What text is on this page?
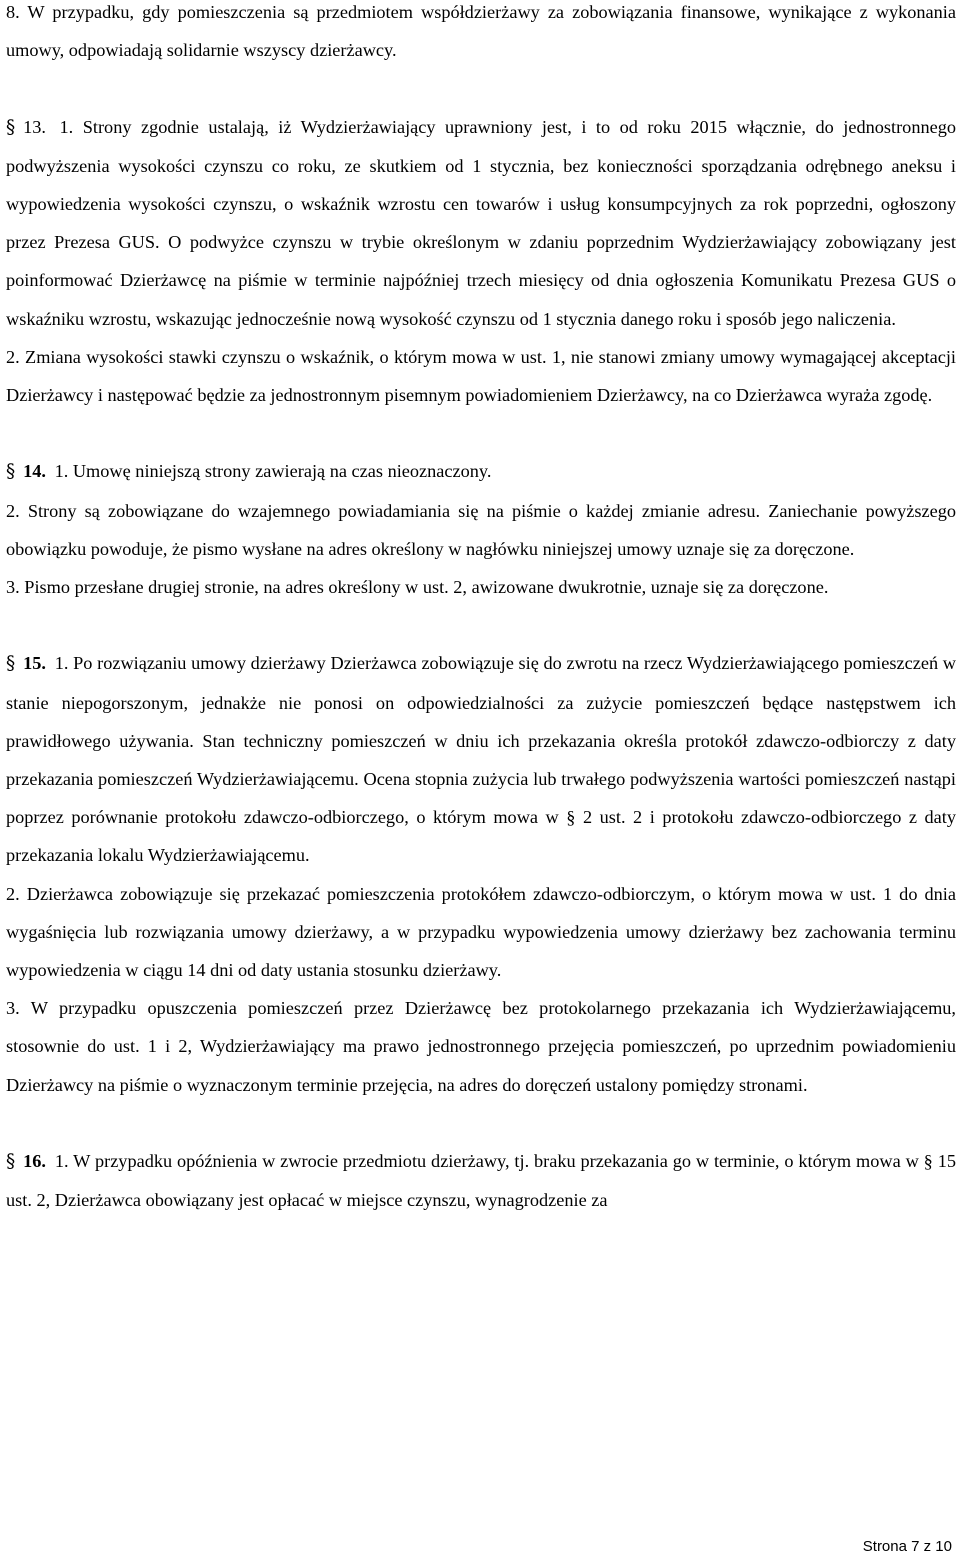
8. W przypadku, gdy pomieszczenia są przedmiotem współdzierżawy za zobowiązania finansowe, wynikające z wykonania umowy, odpowiadają solidarnie wszyscy dzierżawcy.

§ 13. 1. Strony zgodnie ustalają, iż Wydzierżawiający uprawniony jest, i to od roku 2015 włącznie, do jednostronnego podwyższenia wysokości czynszu co roku, ze skutkiem od 1 stycznia, bez konieczności sporządzania odrębnego aneksu i wypowiedzenia wysokości czynszu, o wskaźnik wzrostu cen towarów i usług konsumpcyjnych za rok poprzedni, ogłoszony przez Prezesa GUS. O podwyżce czynszu w trybie określonym w zdaniu poprzednim Wydzierżawiający zobowiązany jest poinformować Dzierżawcę na piśmie w terminie najpóźniej trzech miesięcy od dnia ogłoszenia Komunikatu Prezesa GUS o wskaźniku wzrostu, wskazując jednocześnie nową wysokość czynszu od 1 stycznia danego roku i sposób jego naliczenia.

2. Zmiana wysokości stawki czynszu o wskaźnik, o którym mowa w ust. 1, nie stanowi zmiany umowy wymagającej akceptacji Dzierżawcy i następować będzie za jednostronnym pisemnym powiadomieniem Dzierżawcy, na co Dzierżawca wyraża zgodę.

§ 14. 1. Umowę niniejszą strony zawierają na czas nieoznaczony.

2. Strony są zobowiązane do wzajemnego powiadamiania się na piśmie o każdej zmianie adresu. Zaniechanie powyższego obowiązku powoduje, że pismo wysłane na adres określony w nagłówku niniejszej umowy uznaje się za doręczone.

3. Pismo przesłane drugiej stronie, na adres określony w ust. 2, awizowane dwukrotnie, uznaje się za doręczone.

§ 15. 1. Po rozwiązaniu umowy dzierżawy Dzierżawca zobowiązuje się do zwrotu na rzecz Wydzierżawiającego pomieszczeń w stanie niepogorszonym, jednakże nie ponosi on odpowiedzialności za zużycie pomieszczeń będące następstwem ich prawidłowego używania. Stan techniczny pomieszczeń w dniu ich przekazania określa protokół zdawczo-odbiorczy z daty przekazania pomieszczeń Wydzierżawiającemu. Ocena stopnia zużycia lub trwałego podwyższenia wartości pomieszczeń nastąpi poprzez porównanie protokołu zdawczo-odbiorczego, o którym mowa w § 2 ust. 2 i protokołu zdawczo-odbiorczego z daty przekazania lokalu Wydzierżawiającemu.

2. Dzierżawca zobowiązuje się przekazać pomieszczenia protokółem zdawczo-odbiorczym, o którym mowa w ust. 1 do dnia wygaśnięcia lub rozwiązania umowy dzierżawy, a w przypadku wypowiedzenia umowy dzierżawy bez zachowania terminu wypowiedzenia w ciągu 14 dni od daty ustania stosunku dzierżawy.

3. W przypadku opuszczenia pomieszczeń przez Dzierżawcę bez protokolarnego przekazania ich Wydzierżawiającemu, stosownie do ust. 1 i 2, Wydzierżawiający ma prawo jednostronnego przejęcia pomieszczeń, po uprzednim powiadomieniu Dzierżawcy na piśmie o wyznaczonym terminie przejęcia, na adres do doręczeń ustalony pomiędzy stronami.

§ 16. 1. W przypadku opóźnienia w zwrocie przedmiotu dzierżawy, tj. braku przekazania go w terminie, o którym mowa w § 15 ust. 2, Dzierżawca obowiązany jest opłacać w miejsce czynszu, wynagrodzenie za

Strona 7 z 10
